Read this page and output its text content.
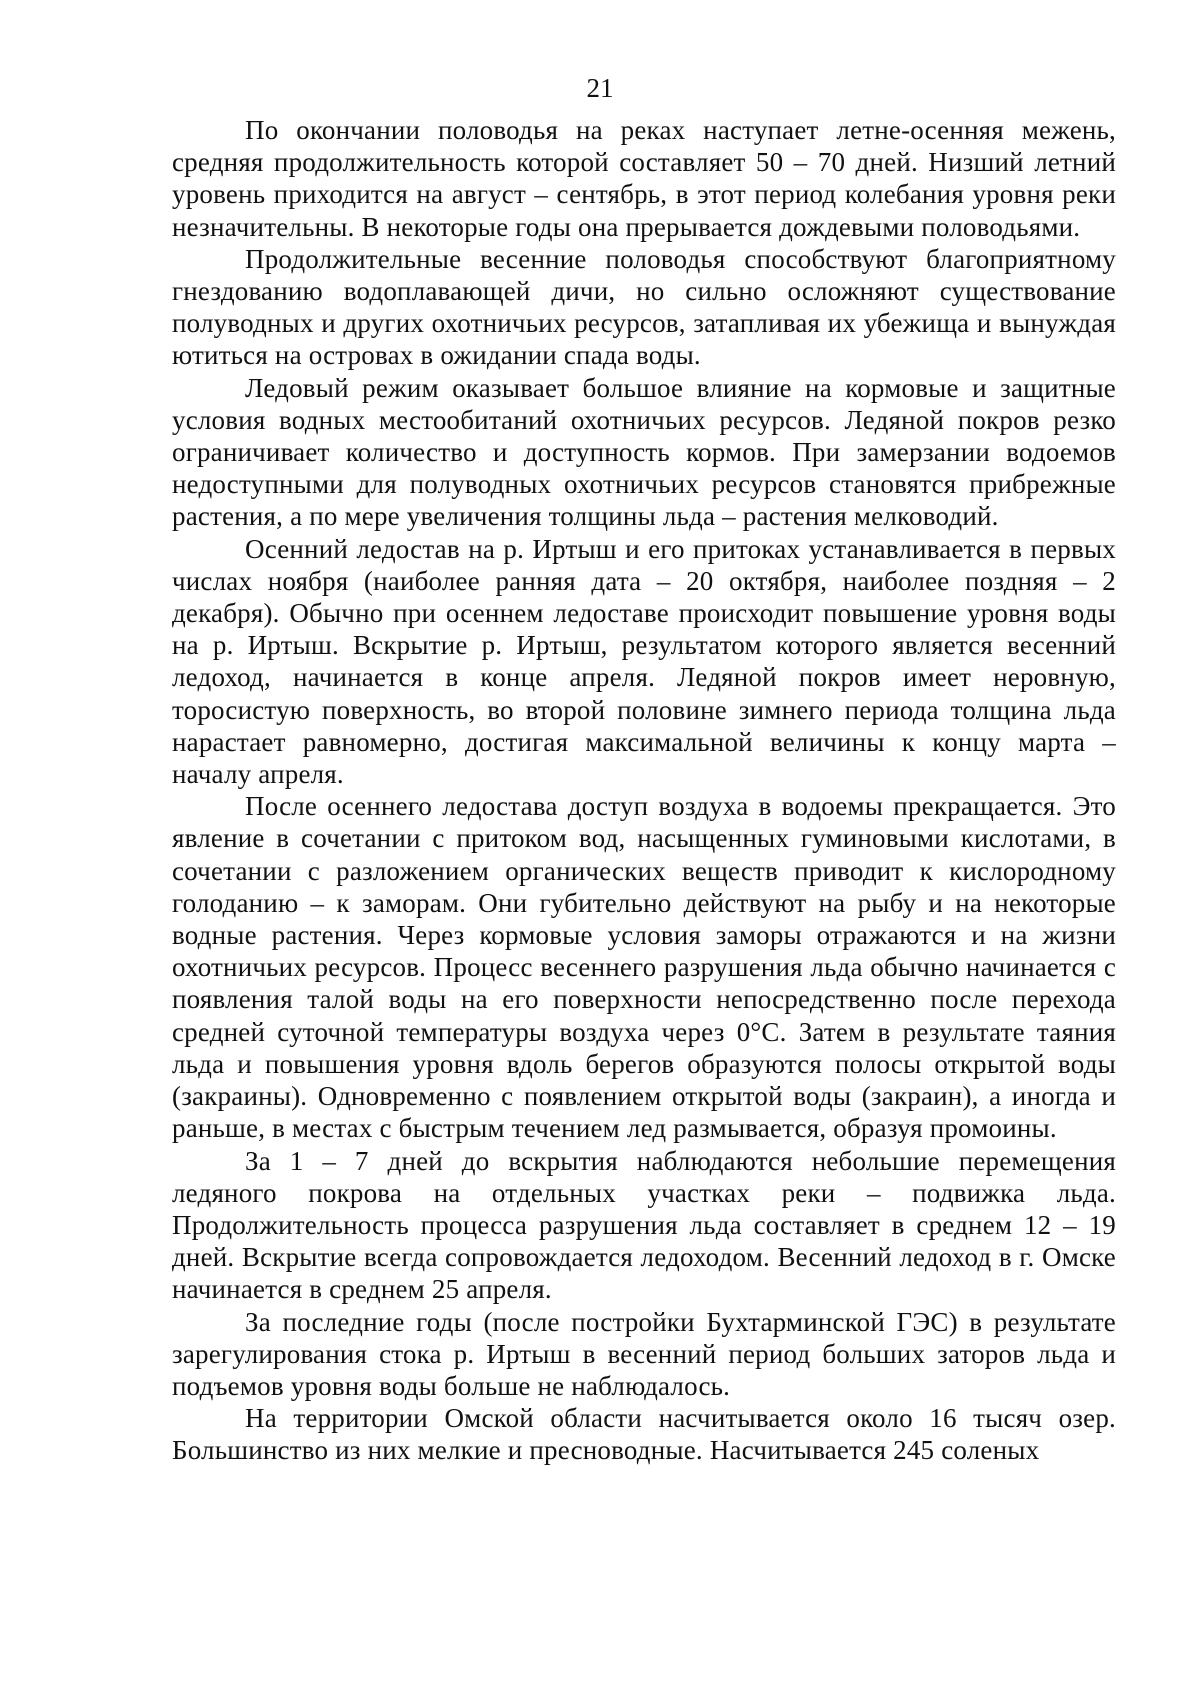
21

По окончании половодья на реках наступает летне-осенняя межень, средняя продолжительность которой составляет 50 – 70 дней. Низший летний уровень приходится на август – сентябрь, в этот период колебания уровня реки незначительны. В некоторые годы она прерывается дождевыми половодьями.

Продолжительные весенние половодья способствуют благоприятному гнездованию водоплавающей дичи, но сильно осложняют существование полуводных и других охотничьих ресурсов, затапливая их убежища и вынуждая ютиться на островах в ожидании спада воды.

Ледовый режим оказывает большое влияние на кормовые и защитные условия водных местообитаний охотничьих ресурсов. Ледяной покров резко ограничивает количество и доступность кормов. При замерзании водоемов недоступными для полуводных охотничьих ресурсов становятся прибрежные растения, а по мере увеличения толщины льда – растения мелководий.

Осенний ледостав на р. Иртыш и его притоках устанавливается в первых числах ноября (наиболее ранняя дата – 20 октября, наиболее поздняя – 2 декабря). Обычно при осеннем ледоставе происходит повышение уровня воды на р. Иртыш. Вскрытие р. Иртыш, результатом которого является весенний ледоход, начинается в конце апреля. Ледяной покров имеет неровную, торосистую поверхность, во второй половине зимнего периода толщина льда нарастает равномерно, достигая максимальной величины к концу марта – началу апреля.

После осеннего ледостава доступ воздуха в водоемы прекращается. Это явление в сочетании с притоком вод, насыщенных гуминовыми кислотами, в сочетании с разложением органических веществ приводит к кислородному голоданию – к заморам. Они губительно действуют на рыбу и на некоторые водные растения. Через кормовые условия заморы отражаются и на жизни охотничьих ресурсов. Процесс весеннего разрушения льда обычно начинается с появления талой воды на его поверхности непосредственно после перехода средней суточной температуры воздуха через 0°C. Затем в результате таяния льда и повышения уровня вдоль берегов образуются полосы открытой воды (закраины). Одновременно с появлением открытой воды (закраин), а иногда и раньше, в местах с быстрым течением лед размывается, образуя промоины.

За 1 – 7 дней до вскрытия наблюдаются небольшие перемещения ледяного покрова на отдельных участках реки – подвижка льда. Продолжительность процесса разрушения льда составляет в среднем 12 – 19 дней. Вскрытие всегда сопровождается ледоходом. Весенний ледоход в г. Омске начинается в среднем 25 апреля.

За последние годы (после постройки Бухтарминской ГЭС) в результате зарегулирования стока р. Иртыш в весенний период больших заторов льда и подъемов уровня воды больше не наблюдалось.

На территории Омской области насчитывается около 16 тысяч озер. Большинство из них мелкие и пресноводные. Насчитывается 245 соленых
